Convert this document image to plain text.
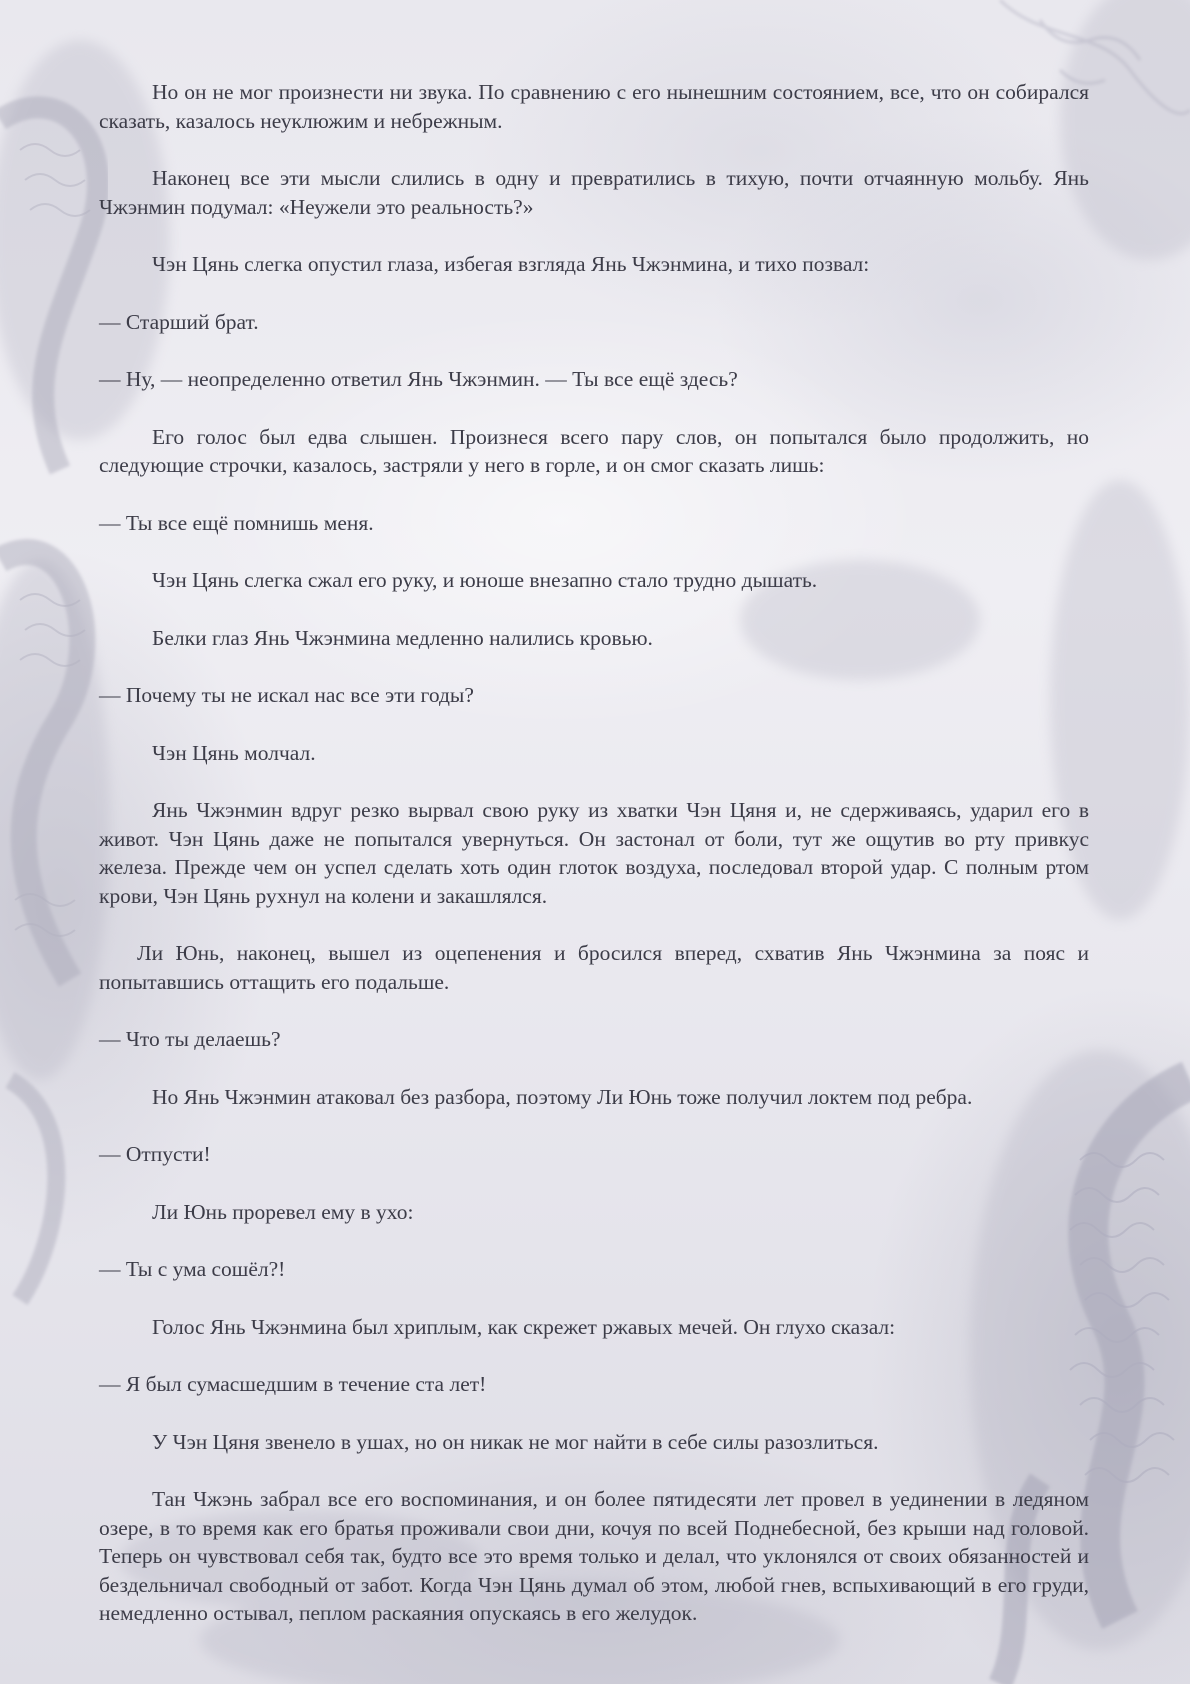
Но он не мог произнести ни звука. По сравнению с его нынешним состоянием, все, что он собирался сказать, казалось неуклюжим и небрежным.

Наконец все эти мысли слились в одну и превратились в тихую, почти отчаянную мольбу. Янь Чжэнмин подумал: «Неужели это реальность?»

Чэн Цянь слегка опустил глаза, избегая взгляда Янь Чжэнмина, и тихо позвал:

— Старший брат.

— Ну, — неопределенно ответил Янь Чжэнмин. — Ты все ещё здесь?

Его голос был едва слышен. Произнеся всего пару слов, он попытался было продолжить, но следующие строчки, казалось, застряли у него в горле, и он смог сказать лишь:

— Ты все ещё помнишь меня.

Чэн Цянь слегка сжал его руку, и юноше внезапно стало трудно дышать.

Белки глаз Янь Чжэнмина медленно налились кровью.

— Почему ты не искал нас все эти годы?

Чэн Цянь молчал.

Янь Чжэнмин вдруг резко вырвал свою руку из хватки Чэн Цяня и, не сдерживаясь, ударил его в живот. Чэн Цянь даже не попытался увернуться. Он застонал от боли, тут же ощутив во рту привкус железа. Прежде чем он успел сделать хоть один глоток воздуха, последовал второй удар. С полным ртом крови, Чэн Цянь рухнул на колени и закашлялся.

Ли Юнь, наконец, вышел из оцепенения и бросился вперед, схватив Янь Чжэнмина за пояс и попытавшись оттащить его подальше.

— Что ты делаешь?

Но Янь Чжэнмин атаковал без разбора, поэтому Ли Юнь тоже получил локтем под ребра.

— Отпусти!

Ли Юнь проревел ему в ухо:

— Ты с ума сошёл?!

Голос Янь Чжэнмина был хриплым, как скрежет ржавых мечей. Он глухо сказал:

— Я был сумасшедшим в течение ста лет!

У Чэн Цяня звенело в ушах, но он никак не мог найти в себе силы разозлиться.

Тан Чжэнь забрал все его воспоминания, и он более пятидесяти лет провел в уединении в ледяном озере, в то время как его братья проживали свои дни, кочуя по всей Поднебесной, без крыши над головой. Теперь он чувствовал себя так, будто все это время только и делал, что уклонялся от своих обязанностей и бездельничал свободный от забот. Когда Чэн Цянь думал об этом, любой гнев, вспыхивающий в его груди, немедленно остывал, пеплом раскаяния опускаясь в его желудок.
